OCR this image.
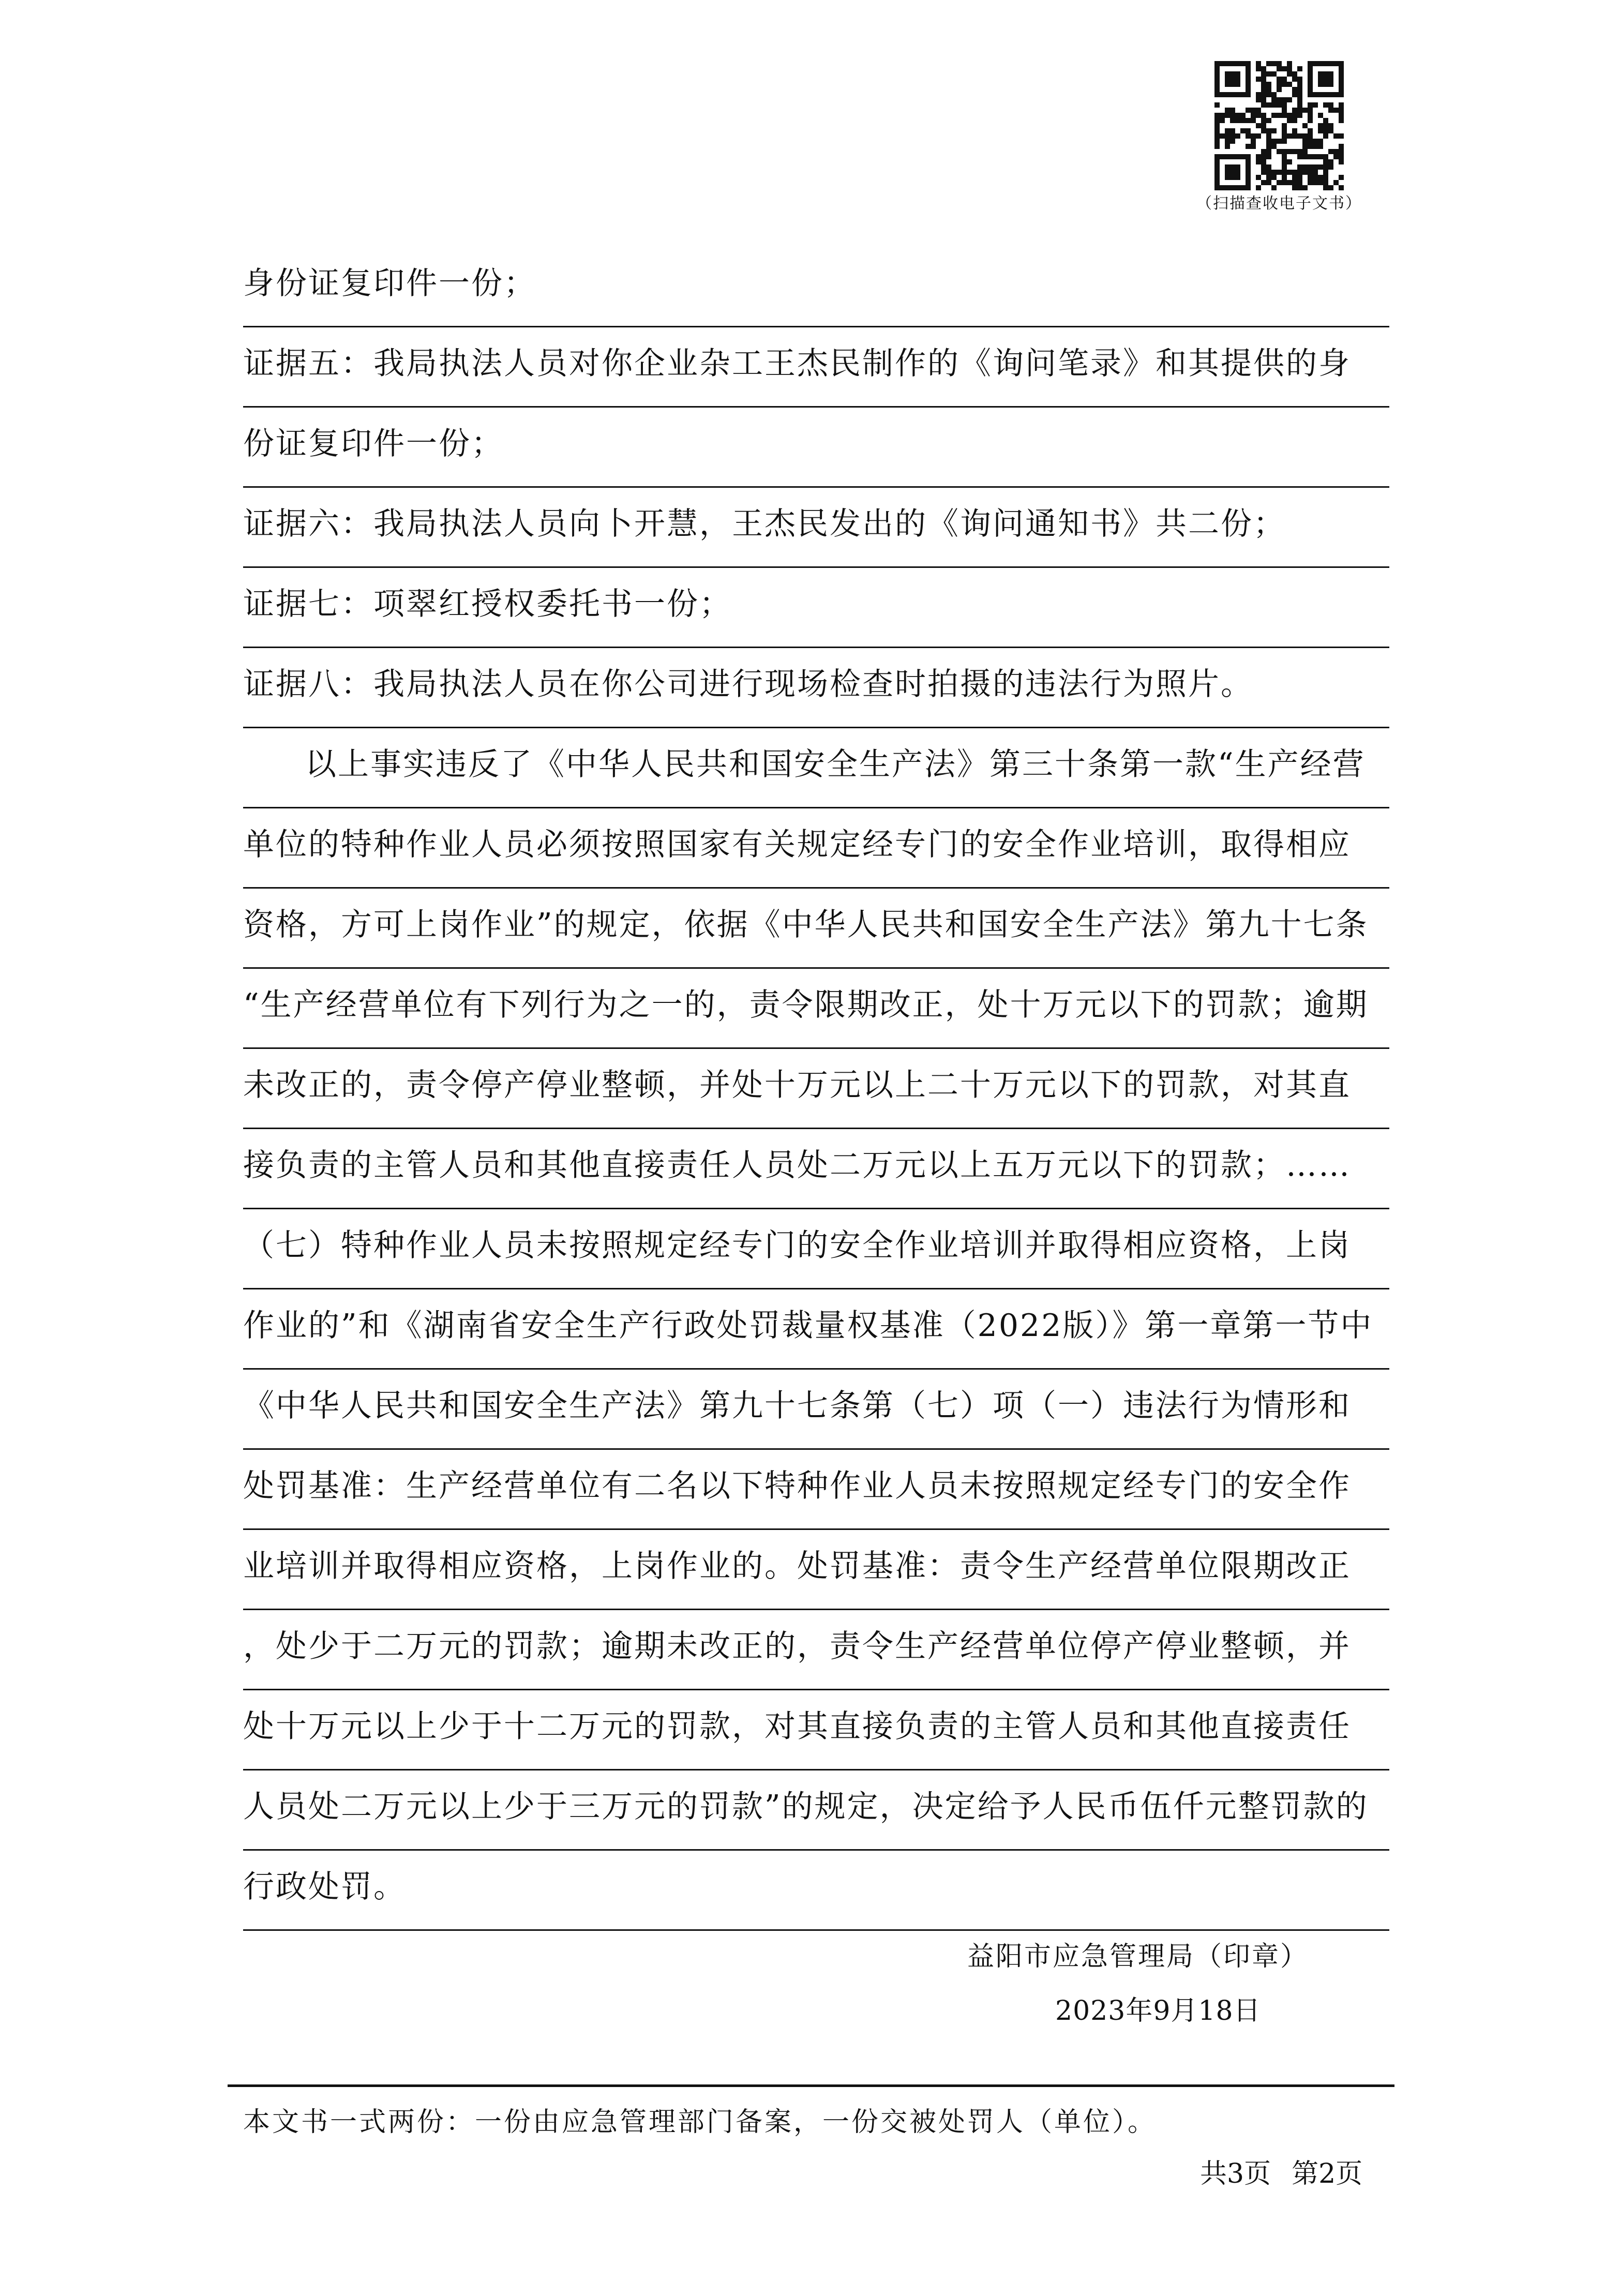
（扫描查收电子文书）
身份证复印件一份；
证据五：我局执法人员对你企业杂工王杰民制作的《询问笔录》和其提供的身
份证复印件一份；
证据六：我局执法人员向卜开慧，王杰民发出的《询问通知书》共二份；
证据七：项翠红授权委托书一份；
证据八：我局执法人员在你公司进行现场检查时拍摄的违法行为照片。
以上事实违反了《中华人民共和国安全生产法》第三十条第一款“生产经营
单位的特种作业人员必须按照国家有关规定经专门的安全作业培训，取得相应
资格，方可上岗作业”的规定，依据《中华人民共和国安全生产法》第九十七条
“生产经营单位有下列行为之一的，责令限期改正，处十万元以下的罚款；逾期
未改正的，责令停产停业整顿，并处十万元以上二十万元以下的罚款，对其直
接负责的主管人员和其他直接责任人员处二万元以上五万元以下的罚款；……
（七）特种作业人员未按照规定经专门的安全作业培训并取得相应资格，上岗
作业的”和《湖南省安全生产行政处罚裁量权基准（2022版）》第一章第一节中
《中华人民共和国安全生产法》第九十七条第（七）项（一）违法行为情形和
处罚基准：生产经营单位有二名以下特种作业人员未按照规定经专门的安全作
业培训并取得相应资格，上岗作业的。处罚基准：责令生产经营单位限期改正
，处少于二万元的罚款；逾期未改正的，责令生产经营单位停产停业整顿，并
处十万元以上少于十二万元的罚款，对其直接负责的主管人员和其他直接责任
人员处二万元以上少于三万元的罚款”的规定，决定给予人民币伍仟元整罚款的
行政处罚。
益阳市应急管理局（印章）
2023年9月18日
本文书一式两份：一份由应急管理部门备案，一份交被处罚人（单位）。
共3页 第2页
